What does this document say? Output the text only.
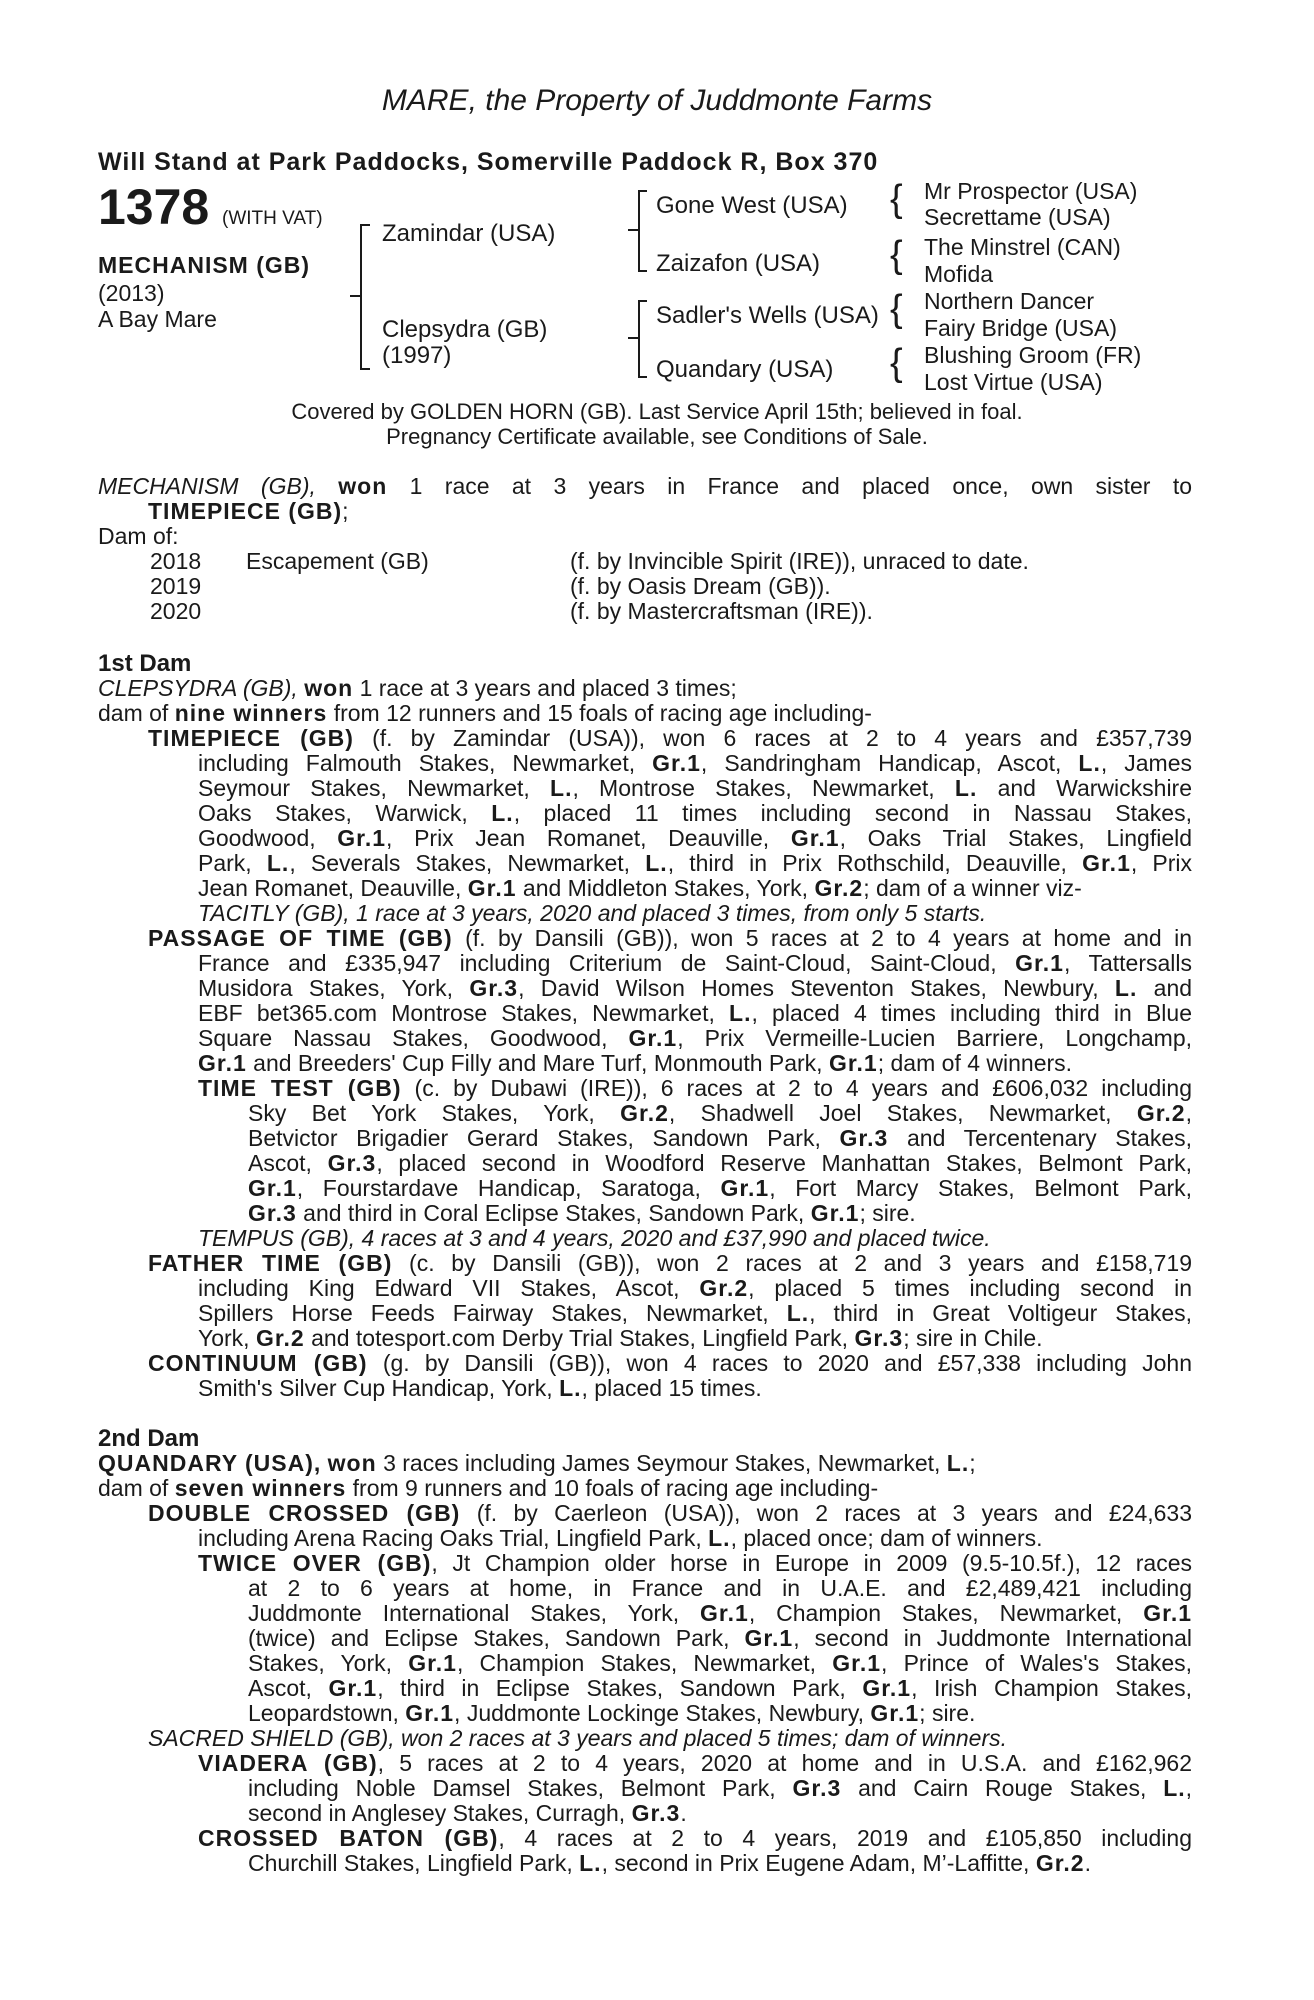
MARE, the Property of Juddmonte Farms
Will Stand at Park Paddocks, Somerville Paddock R, Box 370
1378 (WITH VAT)
MECHANISM (GB)
(2013)
A Bay Mare
Zamindar (USA)
Clepsydra (GB)
(1997)
Gone West (USA)
Zaizafon (USA)
Sadler's Wells (USA)
Quandary (USA)
{
{
{
{
Mr Prospector (USA)
Secrettame (USA)
The Minstrel (CAN)
Mofida
Northern Dancer
Fairy Bridge (USA)
Blushing Groom (FR)
Lost Virtue (USA)
Covered by GOLDEN HORN (GB). Last Service April 15th; believed in foal.
Pregnancy Certificate available, see Conditions of Sale.
MECHANISM (GB), won 1 race at 3 years in France and placed once, own sister to
TIMEPIECE (GB);
Dam of:
2018 Escapement (GB)	(f. by Invincible Spirit (IRE)), unraced to date.
2019	(f. by Oasis Dream (GB)).
2020	(f. by Mastercraftsman (IRE)).
1st Dam
CLEPSYDRA (GB), won 1 race at 3 years and placed 3 times;
dam of nine winners from 12 runners and 15 foals of racing age including-
TIMEPIECE (GB) (f. by Zamindar (USA)), won 6 races at 2 to 4 years and £357,739
including Falmouth Stakes, Newmarket, Gr.1, Sandringham Handicap, Ascot, L., James
Seymour Stakes, Newmarket, L., Montrose Stakes, Newmarket, L. and Warwickshire
Oaks Stakes, Warwick, L., placed 11 times including second in Nassau Stakes,
Goodwood, Gr.1, Prix Jean Romanet, Deauville, Gr.1, Oaks Trial Stakes, Lingfield
Park, L., Severals Stakes, Newmarket, L., third in Prix Rothschild, Deauville, Gr.1, Prix
Jean Romanet, Deauville, Gr.1 and Middleton Stakes, York, Gr.2; dam of a winner viz-
TACITLY (GB), 1 race at 3 years, 2020 and placed 3 times, from only 5 starts.
PASSAGE OF TIME (GB) (f. by Dansili (GB)), won 5 races at 2 to 4 years at home and in
France and £335,947 including Criterium de Saint-Cloud, Saint-Cloud, Gr.1, Tattersalls
Musidora Stakes, York, Gr.3, David Wilson Homes Steventon Stakes, Newbury, L. and
EBF bet365.com Montrose Stakes, Newmarket, L., placed 4 times including third in Blue
Square Nassau Stakes, Goodwood, Gr.1, Prix Vermeille-Lucien Barriere, Longchamp,
Gr.1 and Breeders' Cup Filly and Mare Turf, Monmouth Park, Gr.1; dam of 4 winners.
TIME TEST (GB) (c. by Dubawi (IRE)), 6 races at 2 to 4 years and £606,032 including
Sky Bet York Stakes, York, Gr.2, Shadwell Joel Stakes, Newmarket, Gr.2,
Betvictor Brigadier Gerard Stakes, Sandown Park, Gr.3 and Tercentenary Stakes,
Ascot, Gr.3, placed second in Woodford Reserve Manhattan Stakes, Belmont Park,
Gr.1, Fourstardave Handicap, Saratoga, Gr.1, Fort Marcy Stakes, Belmont Park,
Gr.3 and third in Coral Eclipse Stakes, Sandown Park, Gr.1; sire.
TEMPUS (GB), 4 races at 3 and 4 years, 2020 and £37,990 and placed twice.
FATHER TIME (GB) (c. by Dansili (GB)), won 2 races at 2 and 3 years and £158,719
including King Edward VII Stakes, Ascot, Gr.2, placed 5 times including second in
Spillers Horse Feeds Fairway Stakes, Newmarket, L., third in Great Voltigeur Stakes,
York, Gr.2 and totesport.com Derby Trial Stakes, Lingfield Park, Gr.3; sire in Chile.
CONTINUUM (GB) (g. by Dansili (GB)), won 4 races to 2020 and £57,338 including John
Smith's Silver Cup Handicap, York, L., placed 15 times.
2nd Dam
QUANDARY (USA), won 3 races including James Seymour Stakes, Newmarket, L.;
dam of seven winners from 9 runners and 10 foals of racing age including-
DOUBLE CROSSED (GB) (f. by Caerleon (USA)), won 2 races at 3 years and £24,633
including Arena Racing Oaks Trial, Lingfield Park, L., placed once; dam of winners.
TWICE OVER (GB), Jt Champion older horse in Europe in 2009 (9.5-10.5f.), 12 races
at 2 to 6 years at home, in France and in U.A.E. and £2,489,421 including
Juddmonte International Stakes, York, Gr.1, Champion Stakes, Newmarket, Gr.1
(twice) and Eclipse Stakes, Sandown Park, Gr.1, second in Juddmonte International
Stakes, York, Gr.1, Champion Stakes, Newmarket, Gr.1, Prince of Wales's Stakes,
Ascot, Gr.1, third in Eclipse Stakes, Sandown Park, Gr.1, Irish Champion Stakes,
Leopardstown, Gr.1, Juddmonte Lockinge Stakes, Newbury, Gr.1; sire.
SACRED SHIELD (GB), won 2 races at 3 years and placed 5 times; dam of winners.
VIADERA (GB), 5 races at 2 to 4 years, 2020 at home and in U.S.A. and £162,962
including Noble Damsel Stakes, Belmont Park, Gr.3 and Cairn Rouge Stakes, L.,
second in Anglesey Stakes, Curragh, Gr.3.
CROSSED BATON (GB), 4 races at 2 to 4 years, 2019 and £105,850 including
Churchill Stakes, Lingfield Park, L., second in Prix Eugene Adam, M’-Laffitte, Gr.2.
